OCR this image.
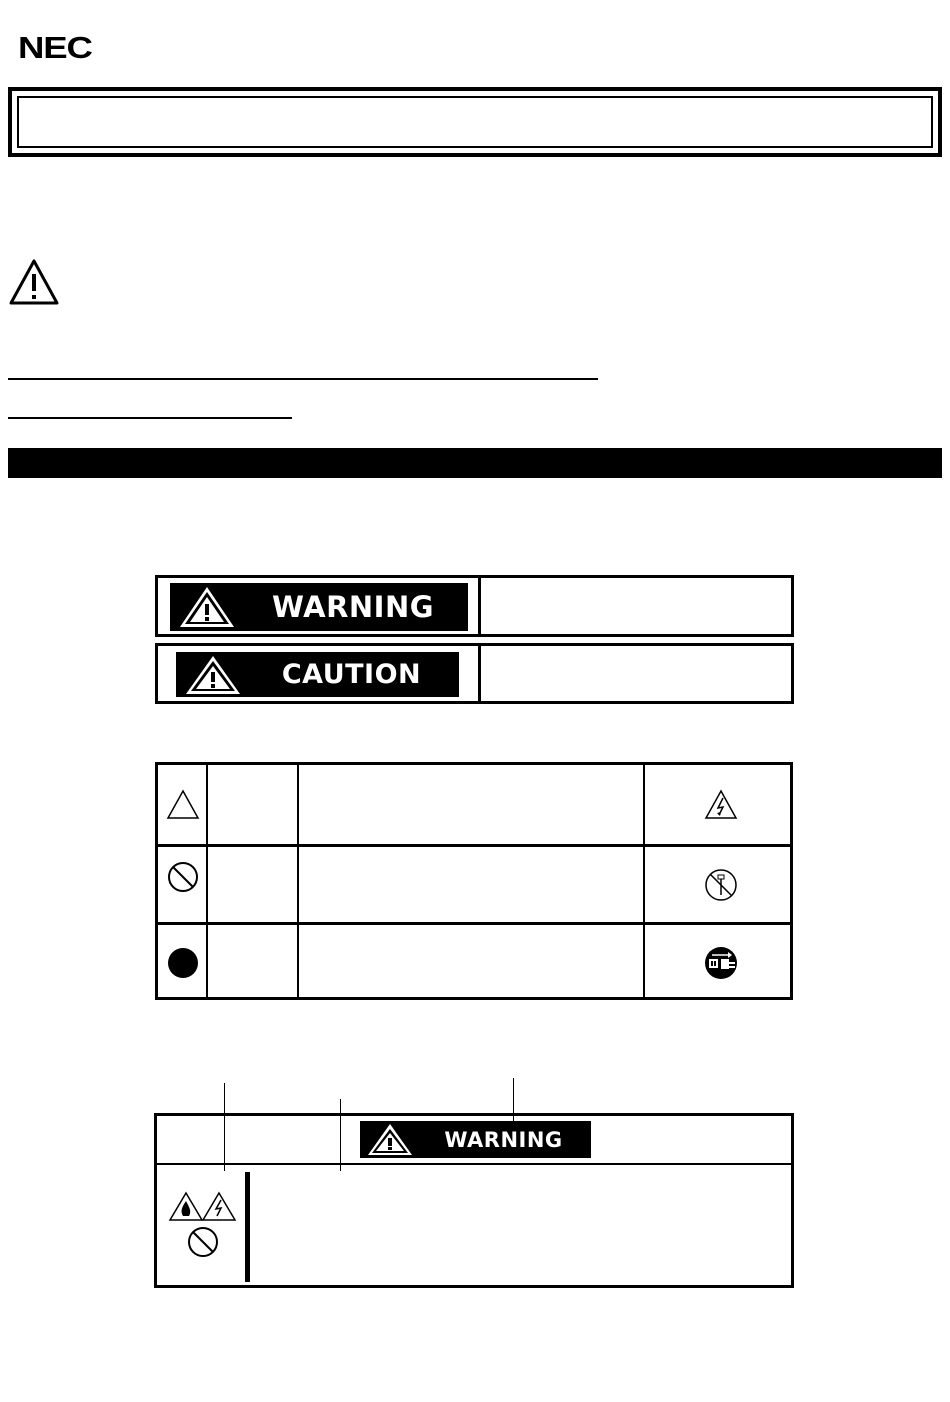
NEC
WARNING
CAUTION
WARNING
